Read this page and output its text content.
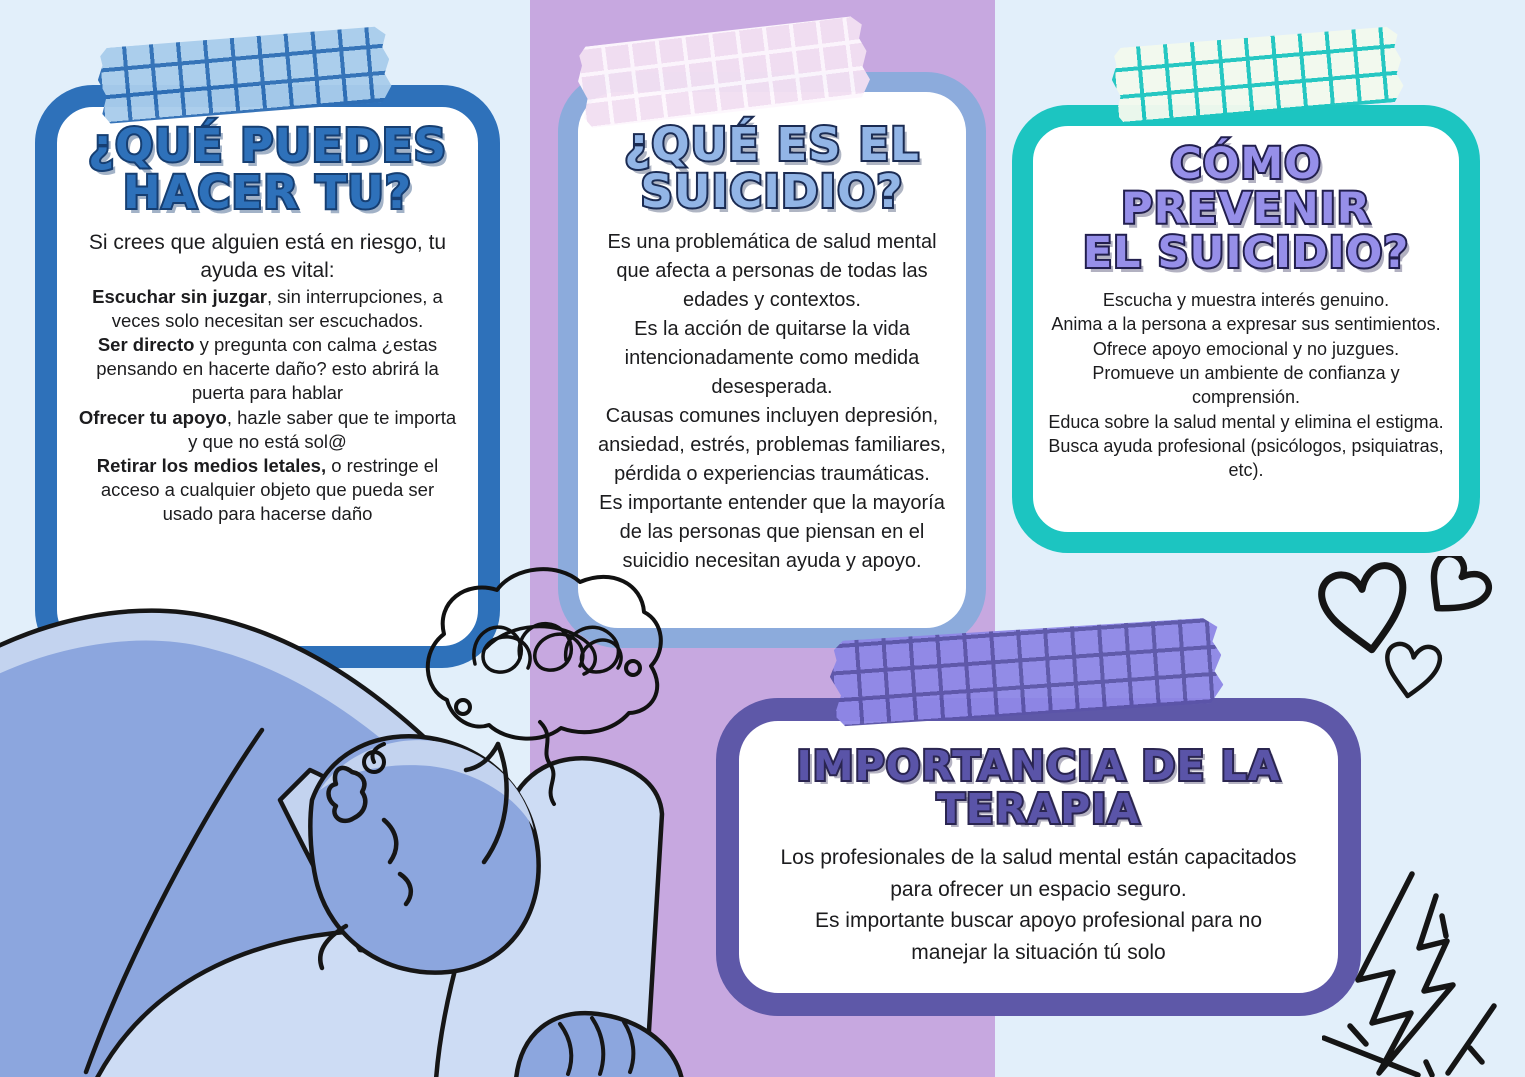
¿QUÉ PUEDES
HACER TU?

Si crees que alguien está en riesgo, tu ayuda es vital:

Escuchar sin juzgar, sin interrupciones, a veces solo necesitan ser escuchados.

Ser directo y pregunta con calma ¿estas pensando en hacerte daño? esto abrirá la puerta para hablar

Ofrecer tu apoyo, hazle saber que te importa y que no está sol@

Retirar los medios letales, o restringe el acceso a cualquier objeto que pueda ser usado para hacerse daño

¿QUÉ ES EL
SUICIDIO?

Es una problemática de salud mental que afecta a personas de todas las edades y contextos.

Es la acción de quitarse la vida intencionadamente como medida desesperada.

Causas comunes incluyen depresión, ansiedad, estrés, problemas familiares, pérdida o experiencias traumáticas.

Es importante entender que la mayoría de las personas que piensan en el suicidio necesitan ayuda y apoyo.

CÓMO PREVENIR
EL SUICIDIO?

Escucha y muestra interés genuino.

Anima a la persona a expresar sus sentimientos.

Ofrece apoyo emocional y no juzgues.

Promueve un ambiente de confianza y comprensión.

Educa sobre la salud mental y elimina el estigma.

Busca ayuda profesional (psicólogos, psiquiatras, etc).

IMPORTANCIA DE LA
TERAPIA

Los profesionales de la salud mental están capacitados para ofrecer un espacio seguro.

Es importante buscar apoyo profesional para no manejar la situación tú solo
